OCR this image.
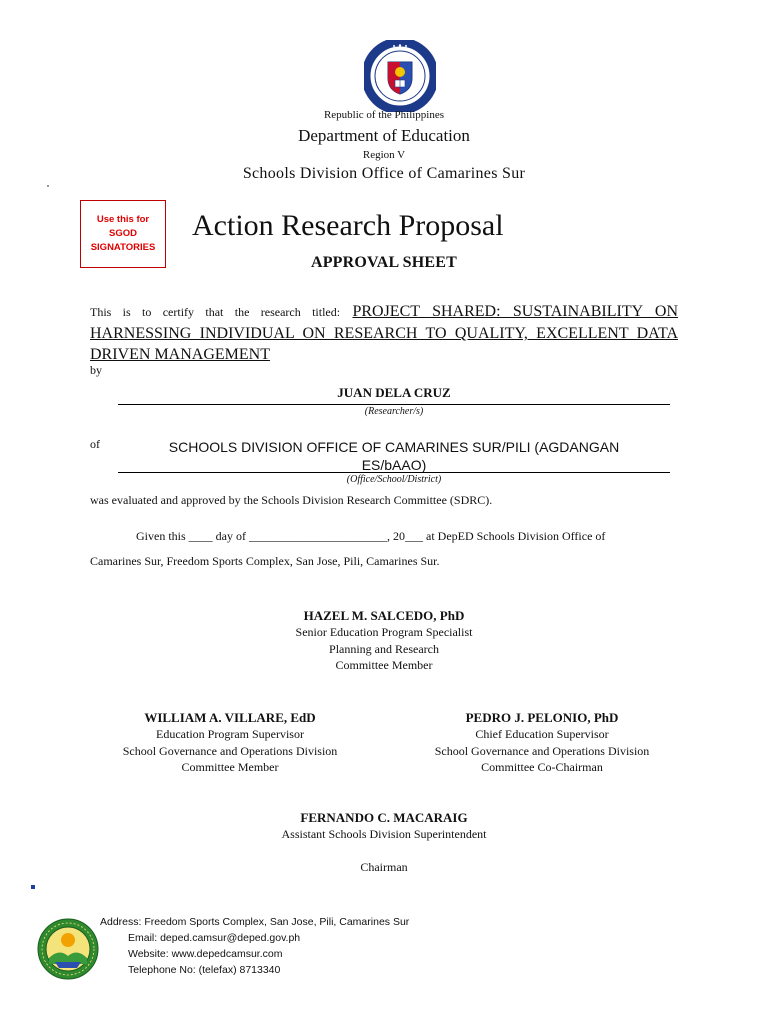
Republic of the Philippines
Department of Education
Region V
Schools Division Office of Camarines Sur
Use this for
SGOD
SIGNATORIES
Action Research Proposal
APPROVAL SHEET
This is to certify that the research titled: PROJECT SHARED: SUSTAINABILITY ON HARNESSING INDIVIDUAL ON RESEARCH TO QUALITY, EXCELLENT DATA DRIVEN MANAGEMENT
by
JUAN DELA CRUZ
(Researcher/s)
of	SCHOOLS DIVISION OFFICE OF CAMARINES SUR/PILI (AGDANGAN ES/bAAO)
(Office/School/District)
was evaluated and approved by the Schools Division Research Committee (SDRC).
Given this ____ day of _______________________, 20___ at DepED Schools Division Office of
Camarines Sur, Freedom Sports Complex, San Jose, Pili, Camarines Sur.
HAZEL M. SALCEDO, PhD
Senior Education Program Specialist
Planning and Research
Committee Member
WILLIAM A. VILLARE, EdD
Education Program Supervisor
School Governance and Operations Division
Committee Member
PEDRO J. PELONIO, PhD
Chief Education Supervisor
School Governance and Operations Division
Committee Co-Chairman
FERNANDO C. MACARAIG
Assistant Schools Division Superintendent
Chairman
Address: Freedom Sports Complex, San Jose, Pili, Camarines Sur
Email: deped.camsur@deped.gov.ph
Website: www.depedcamsur.com
Telephone No: (telefax) 8713340
